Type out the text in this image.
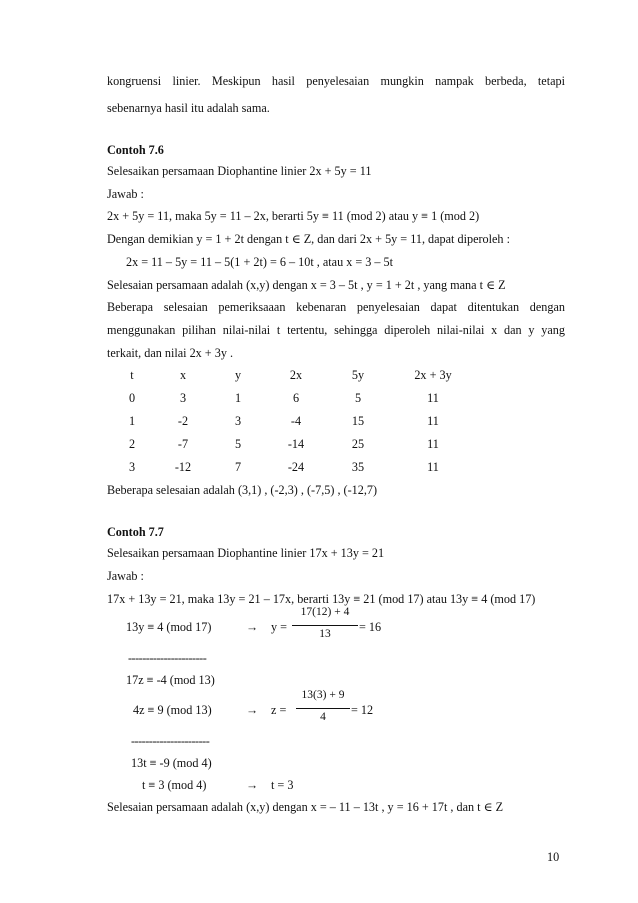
kongruensi linier. Meskipun hasil penyelesaian mungkin nampak berbeda, tetapi
sebenarnya hasil itu adalah sama.
Contoh 7.6
Selesaikan persamaan Diophantine linier 2x + 5y = 11
Jawab :
2x + 5y = 11, maka 5y = 11 – 2x, berarti 5y ≡ 11 (mod 2) atau y ≡ 1 (mod 2)
Dengan demikian y = 1 + 2t dengan t ∈ Z, dan dari 2x + 5y = 11, dapat diperoleh :
2x = 11 – 5y = 11 – 5(1 + 2t) = 6 – 10t , atau x = 3 – 5t
Selesaian persamaan adalah (x,y) dengan x = 3 – 5t , y = 1 + 2t , yang mana t ∈ Z
Beberapa selesaian pemeriksaaan kebenaran penyelesaian dapat ditentukan dengan
menggunakan pilihan nilai-nilai t tertentu, sehingga diperoleh nilai-nilai x dan y yang
terkait, dan nilai 2x + 3y .
t	x	y	2x	5y	2x + 3y
0	3	1	6	5	11
1	-2	3	-4	15	11
2	-7	5	-14	25	11
3	-12	7	-24	35	11
Beberapa selesaian adalah (3,1) , (-2,3) , (-7,5) , (-12,7)
Contoh 7.7
Selesaikan persamaan Diophantine linier 17x + 13y = 21
Jawab :
17x + 13y = 21, maka 13y = 21 – 17x, berarti 13y ≡ 21 (mod 17) atau 13y ≡ 4 (mod 17)
13y ≡ 4 (mod 17)	→ y =
17(12) + 4
13	= 16
----------------------
17z ≡ -4 (mod 13)
4z ≡ 9 (mod 13)	→ z =
13(3) + 9
4	= 12
----------------------
13t ≡ -9 (mod 4)
t ≡ 3 (mod 4)	→ t = 3
Selesaian persamaan adalah (x,y) dengan x = – 11 – 13t , y = 16 + 17t , dan t ∈ Z
10
